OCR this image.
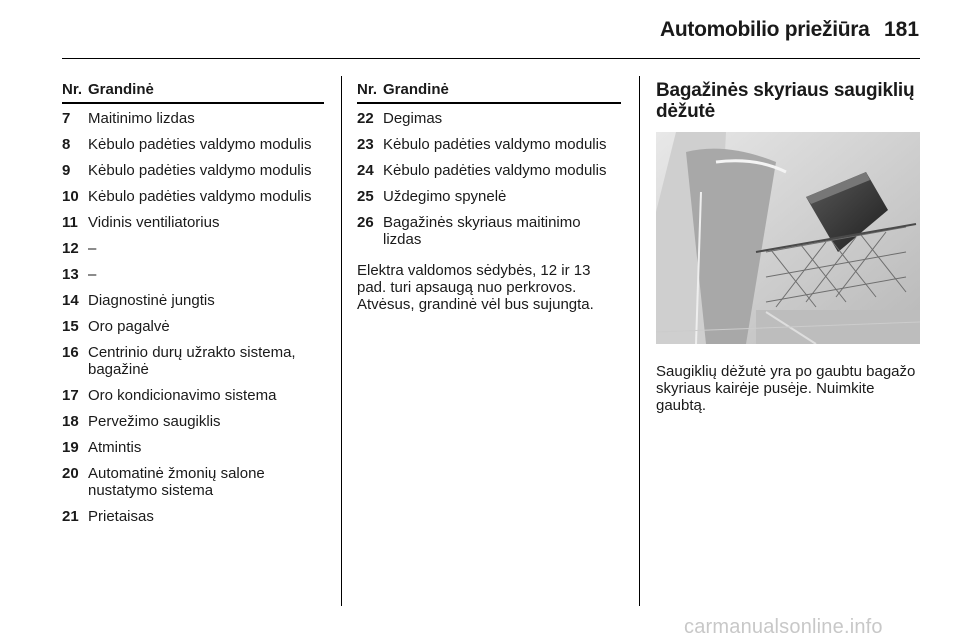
Automobilio priežiūra 181
Nr. Grandinė
7	Maitinimo lizdas
8	Kėbulo padėties valdymo modulis
9	Kėbulo padėties valdymo modulis
10 Kėbulo padėties valdymo modulis
11 Vidinis ventiliatorius
12 –
13 –
14 Diagnostinė jungtis
15 Oro pagalvė
16 Centrinio durų užrakto sistema, bagažinė
17 Oro kondicionavimo sistema
18 Pervežimo saugiklis
19 Atmintis
20 Automatinė žmonių salone nustatymo sistema
21 Prietaisas
Nr. Grandinė
22 Degimas
23 Kėbulo padėties valdymo modulis
24 Kėbulo padėties valdymo modulis
25 Uždegimo spynelė
26 Bagažinės skyriaus maitinimo lizdas
Elektra valdomos sėdybės, 12 ir 13 pad. turi apsaugą nuo perkrovos. Atvėsus, grandinė vėl bus sujungta.
Bagažinės skyriaus saugiklių dėžutė
Saugiklių dėžutė yra po gaubtu bagažo skyriaus kairėje pusėje. Nuimkite gaubtą.
carmanualsonline.info
